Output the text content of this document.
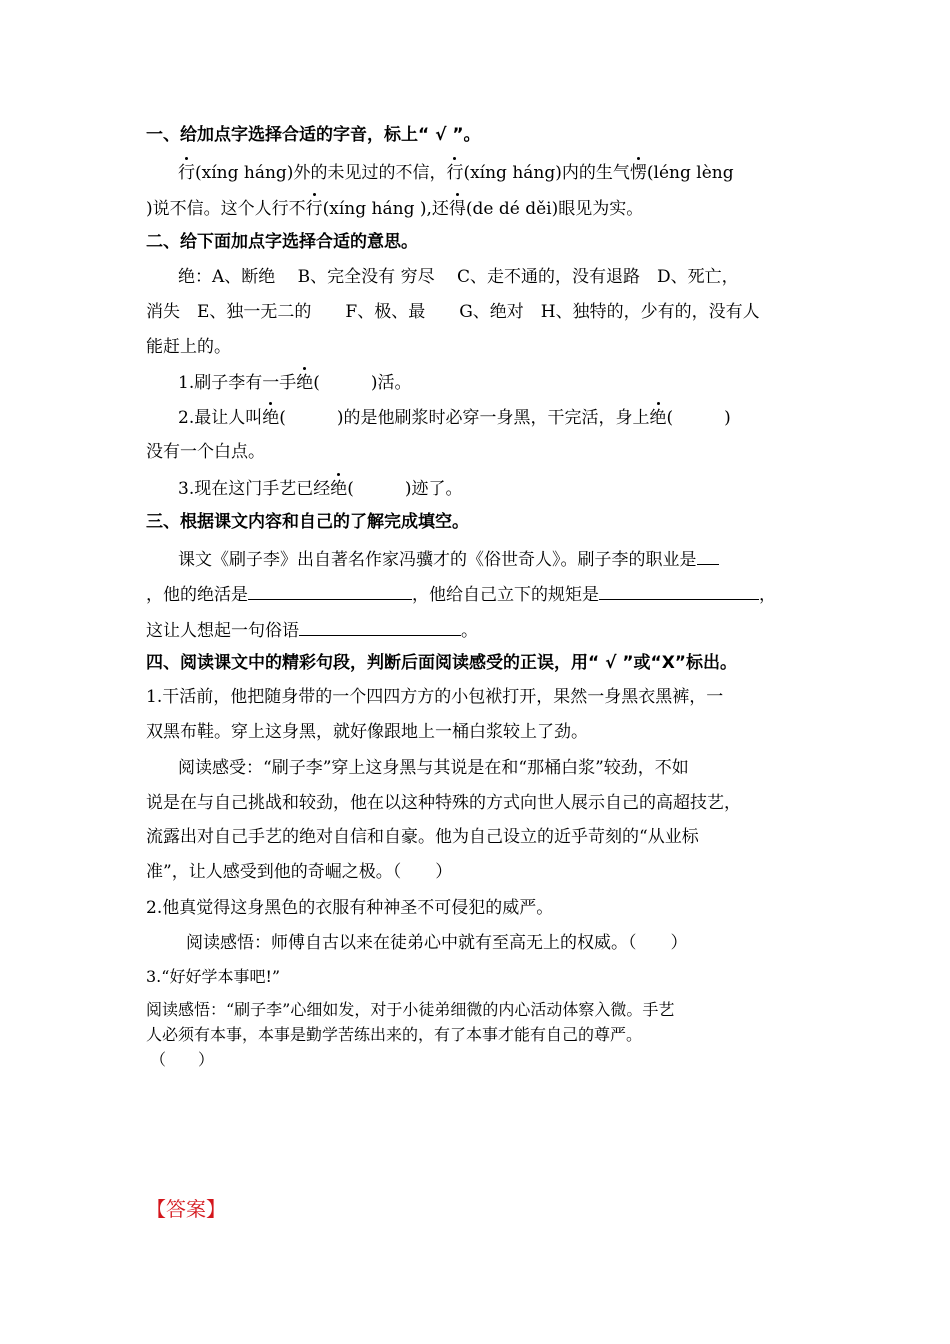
一、给加点字选择合适的字音，标上“ √ ”。
行(xíng háng)外的未见过的不信，行(xíng háng)内的生气愣(léng lèng
)说不信。这个人行不行(xíng háng ),还得(de dé děi)眼见为实。
二、给下面加点字选择合适的意思。
绝：A、断绝　 B、完全没有 穷尽　 C、走不通的，没有退路　D、死亡，
消失　E、独一无二的　　F、极、最　　G、绝对　H、独特的，少有的，没有人
能赶上的。
1.刷子李有一手绝(　　　)活。
2.最让人叫绝(　　　)的是他刷浆时必穿一身黑，干完活，身上绝(　　　)
没有一个白点。
3.现在这门手艺已经绝(　　　)迹了。
三、根据课文内容和自己的了解完成填空。
课文《刷子李》出自著名作家冯骥才的《俗世奇人》。刷子李的职业是
，他的绝活是	，他给自己立下的规矩是	，
这让人想起一句俗语	。
四、阅读课文中的精彩句段，判断后面阅读感受的正误，用“ √ ”或“X”标出。
1.干活前，他把随身带的一个四四方方的小包袱打开，果然一身黑衣黑裤，一
双黑布鞋。穿上这身黑，就好像跟地上一桶白浆较上了劲。
阅读感受：“刷子李”穿上这身黑与其说是在和“那桶白浆”较劲，不如
说是在与自己挑战和较劲，他在以这种特殊的方式向世人展示自己的高超技艺，
流露出对自己手艺的绝对自信和自豪。他为自己设立的近乎苛刻的“从业标
准”，让人感受到他的奇崛之极。（　　）
2.他真觉得这身黑色的衣服有种神圣不可侵犯的威严。
阅读感悟：师傅自古以来在徒弟心中就有至高无上的权威。（　　）
3.“好好学本事吧!”
阅读感悟：“刷子李”心细如发，对于小徒弟细微的内心活动体察入微。手艺
人必须有本事，本事是勤学苦练出来的，有了本事才能有自己的尊严。
（　　）
【答案】
